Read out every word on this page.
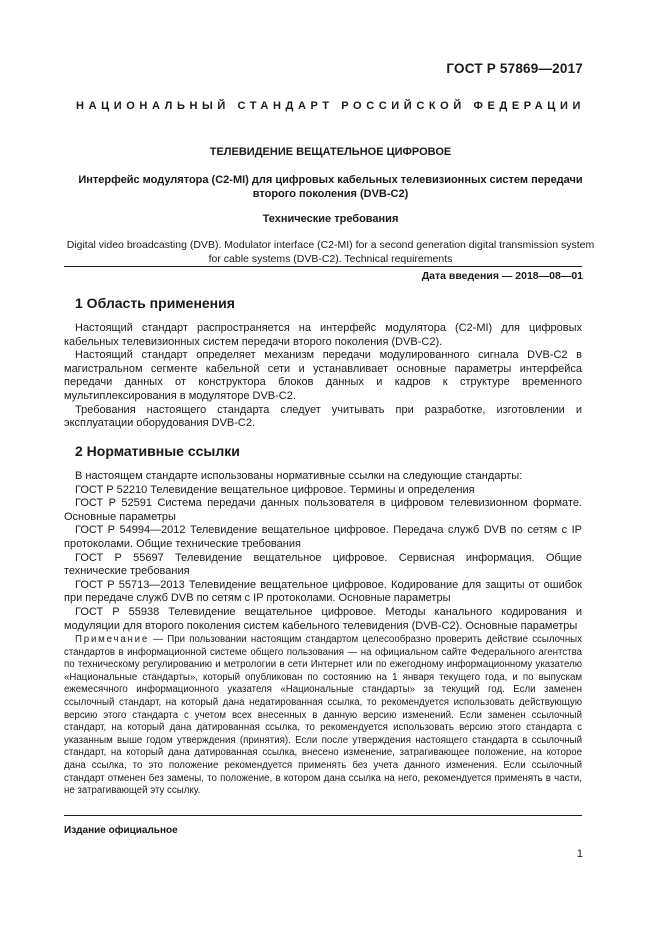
ГОСТ Р 57869—2017
НАЦИОНАЛЬНЫЙ СТАНДАРТ РОССИЙСКОЙ ФЕДЕРАЦИИ
ТЕЛЕВИДЕНИЕ ВЕЩАТЕЛЬНОЕ ЦИФРОВОЕ
Интерфейс модулятора (C2-MI) для цифровых кабельных телевизионных систем передачи
второго поколения (DVB-C2)
Технические требования
Digital video broadcasting (DVB). Modulator interface (C2-MI) for a second generation digital transmission system
for cable systems (DVB-C2). Technical requirements
Дата введения — 2018—08—01
1 Область применения

Настоящий стандарт распространяется на интерфейс модулятора (C2-MI) для цифровых кабельных телевизионных систем передачи второго поколения (DVB-C2).

Настоящий стандарт определяет механизм передачи модулированного сигнала DVB-C2 в магистральном сегменте кабельной сети и устанавливает основные параметры интерфейса передачи данных от конструктора блоков данных и кадров к структуре временного мультиплексирования в модуляторе DVB-C2.

Требования настоящего стандарта следует учитывать при разработке, изготовлении и эксплуатации оборудования DVB-C2.

2 Нормативные ссылки

В настоящем стандарте использованы нормативные ссылки на следующие стандарты:

ГОСТ Р 52210 Телевидение вещательное цифровое. Термины и определения

ГОСТ Р 52591 Система передачи данных пользователя в цифровом телевизионном формате. Основные параметры

ГОСТ Р 54994—2012 Телевидение вещательное цифровое. Передача служб DVB по сетям с IP протоколами. Общие технические требования

ГОСТ Р 55697 Телевидение вещательное цифровое. Сервисная информация. Общие технические требования

ГОСТ Р 55713—2013 Телевидение вещательное цифровое. Кодирование для защиты от ошибок при передаче служб DVB по сетям с IP протоколами. Основные параметры

ГОСТ Р 55938 Телевидение вещательное цифровое. Методы канального кодирования и модуляции для второго поколения систем кабельного телевидения (DVB-C2). Основные параметры

Примечание — При пользовании настоящим стандартом целесообразно проверить действие ссылочных стандартов в информационной системе общего пользования — на официальном сайте Федерального агентства по техническому регулированию и метрологии в сети Интернет или по ежегодному информационному указателю «Национальные стандарты», который опубликован по состоянию на 1 января текущего года, и по выпускам ежемесячного информационного указателя «Национальные стандарты» за текущий год. Если заменен ссылочный стандарт, на который дана недатированная ссылка, то рекомендуется использовать действующую версию этого стандарта с учетом всех внесенных в данную версию изменений. Если заменен ссылочный стандарт, на который дана датированная ссылка, то рекомендуется использовать версию этого стандарта с указанным выше годом утверждения (принятия). Если после утверждения настоящего стандарта в ссылочный стандарт, на который дана датированная ссылка, внесено изменение, затрагивающее положение, на которое дана ссылка, то это положение рекомендуется применять без учета данного изменения. Если ссылочный стандарт отменен без замены, то положение, в котором дана ссылка на него, рекомендуется применять в части, не затрагивающей эту ссылку.

Издание официальное
1
